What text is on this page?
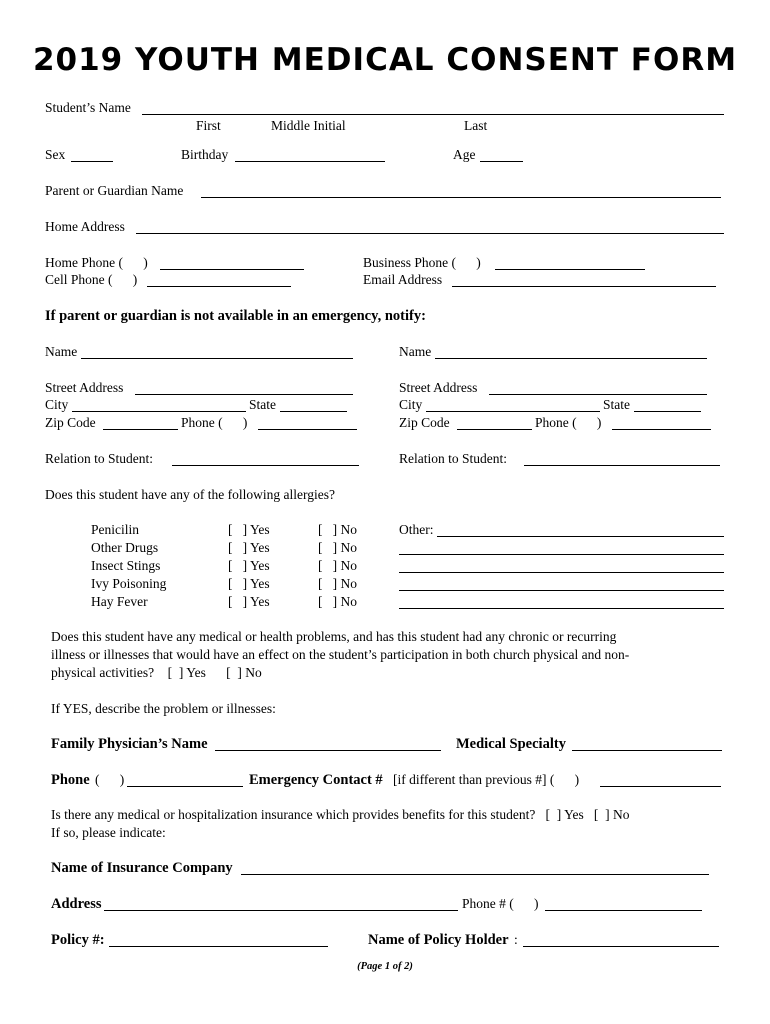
2019 YOUTH MEDICAL CONSENT FORM
Student’s Name
First	Middle Initial	Last
Sex	Birthday	Age
Parent or Guardian Name
Home Address
Home Phone (      )	Business Phone (      )
Cell Phone (      )	Email Address
If parent or guardian is not available in an emergency, notify:
Name
Street Address
City	State
Zip Code	Phone (      )
Relation to Student:
Name
Street Address
City	State
Zip Code	Phone (      )
Relation to Student:
Does this student have any of the following allergies?
Penicilin	[   ] Yes	[   ] No
Other Drugs	[   ] Yes	[   ] No
Insect Stings	[   ] Yes	[   ] No
Ivy Poisoning	[   ] Yes	[   ] No
Hay Fever	[   ] Yes	[   ] No
Other:
Does this student have any medical or health problems, and has this student had any chronic or recurring
illness or illnesses that would have an effect on the student’s participation in both church physical and non-
physical activities?    [  ] Yes      [  ] No
If YES, describe the problem or illnesses:
Family Physician’s Name	Medical Specialty
Phone (      )	Emergency Contact # [if different than previous #] (      )
Is there any medical or hospitalization insurance which provides benefits for this student?   [  ] Yes   [  ] No
If so, please indicate:
Name of Insurance Company
Address	Phone # (      )
Policy #:	Name of Policy Holder :
(Page 1 of 2)
